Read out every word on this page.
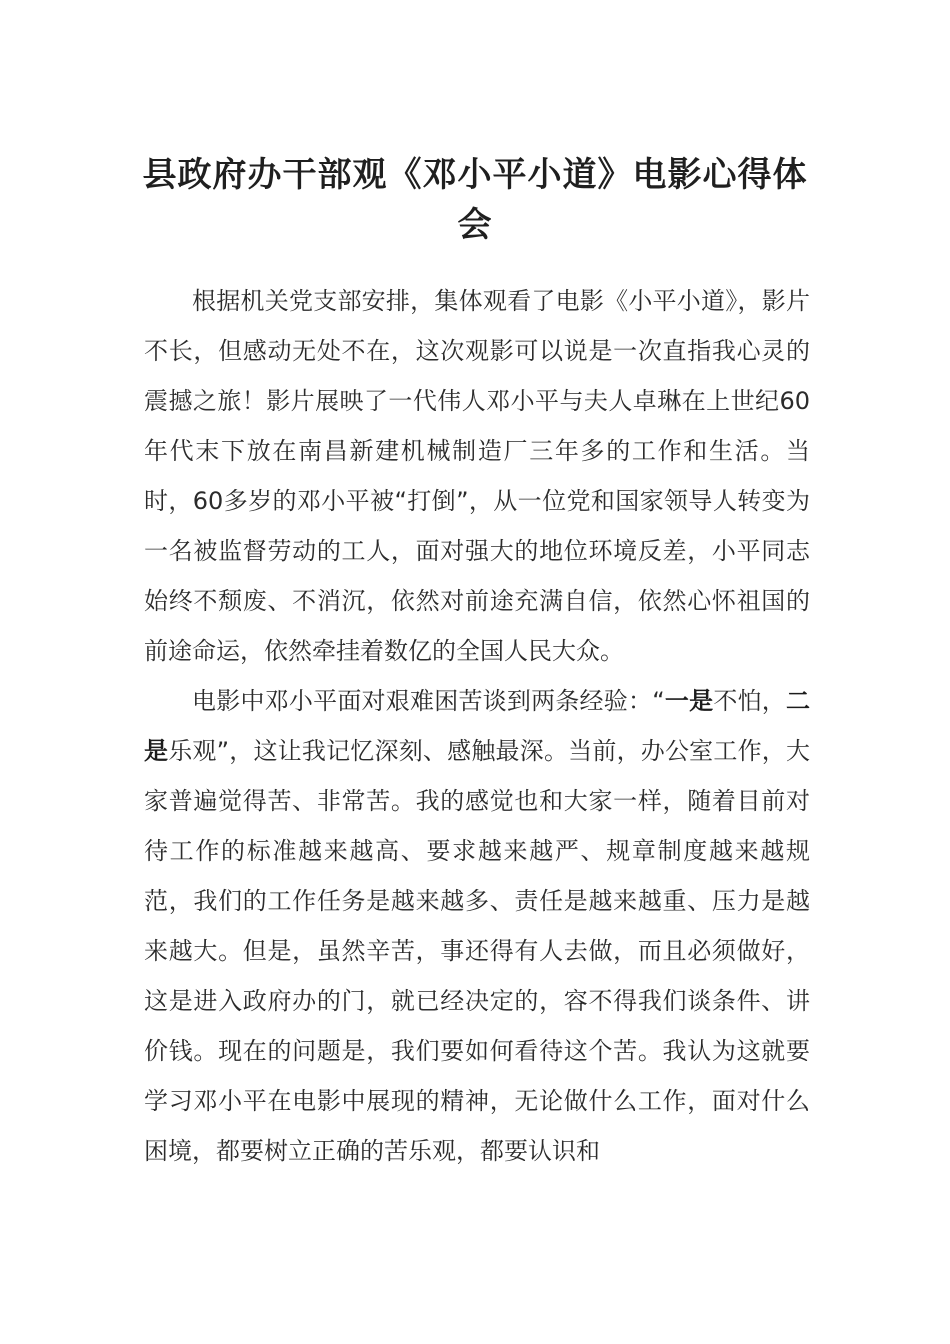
县政府办干部观《邓小平小道》电影心得体会

根据机关党支部安排，集体观看了电影《小平小道》，影片不长，但感动无处不在，这次观影可以说是一次直指我心灵的震撼之旅！影片展映了一代伟人邓小平与夫人卓琳在上世纪60年代末下放在南昌新建机械制造厂三年多的工作和生活。当时，60多岁的邓小平被“打倒”，从一位党和国家领导人转变为一名被监督劳动的工人，面对强大的地位环境反差，小平同志始终不颓废、不消沉，依然对前途充满自信，依然心怀祖国的前途命运，依然牵挂着数亿的全国人民大众。

电影中邓小平面对艰难困苦谈到两条经验：“一是不怕，二是乐观”，这让我记忆深刻、感触最深。当前，办公室工作，大家普遍觉得苦、非常苦。我的感觉也和大家一样，随着目前对待工作的标准越来越高、要求越来越严、规章制度越来越规范，我们的工作任务是越来越多、责任是越来越重、压力是越来越大。但是，虽然辛苦，事还得有人去做，而且必须做好，这是进入政府办的门，就已经决定的，容不得我们谈条件、讲价钱。现在的问题是，我们要如何看待这个苦。我认为这就要学习邓小平在电影中展现的精神，无论做什么工作，面对什么困境，都要树立正确的苦乐观，都要认识和
